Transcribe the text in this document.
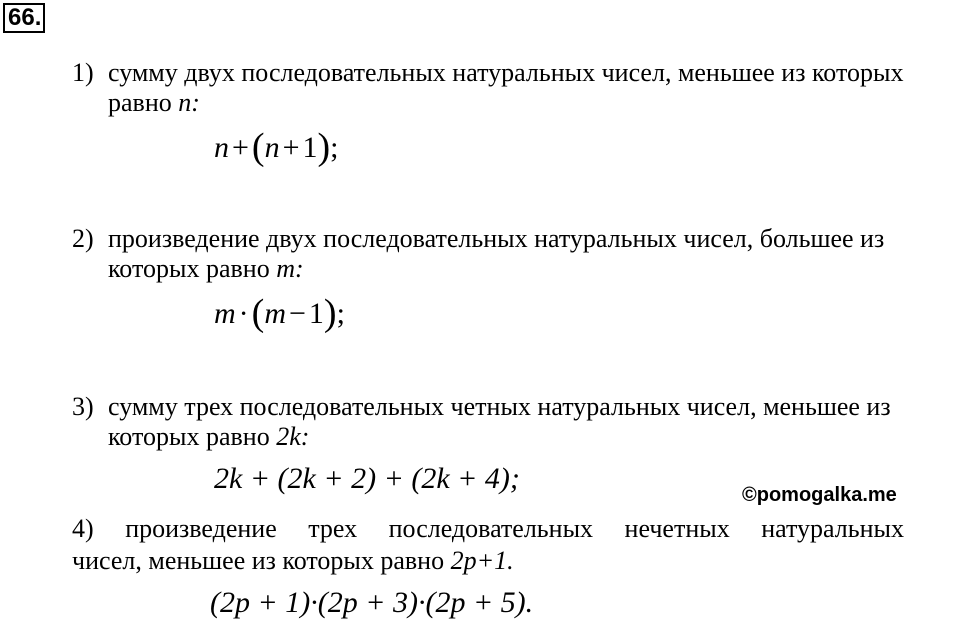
66.
1) сумму двух последовательных натуральных чисел, меньшее из которых
равно n:
n +(n + 1);
2) произведение двух последовательных натуральных чисел, большее из
которых равно m:
m ·(m − 1);
3) сумму трех последовательных четных натуральных чисел, меньшее из
которых равно 2k:
2k + (2k + 2) + (2k + 4);	©pomogalka.me
4) произведение трех последовательных нечетных натуральных
чисел, меньшее из которых равно 2p+1.
(2p + 1)·(2p + 3)·(2p + 5).
